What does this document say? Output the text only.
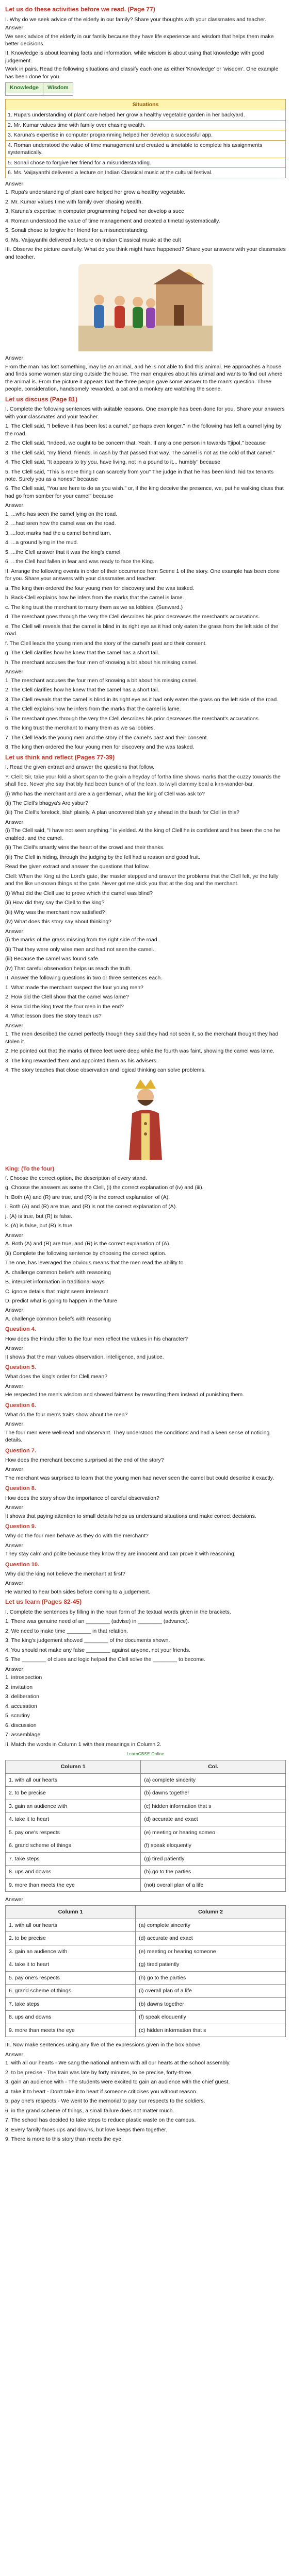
Let us do these activities before we read. (Page 77)

I. Why do we seek advice of the elderly in our family? Share your thoughts with your classmates and teacher.

Answer:

We seek advice of the elderly in our family because they have life experience and wisdom that helps them make better decisions.

II. Knowledge is about learning facts and information, while wisdom is about using that knowledge with good judgement.

Work in pairs. Read the following situations and classify each one as either 'Knowledge' or 'wisdom'. One example has been done for you.

Knowledge	Wisdom

Situations
1. Rupa's understanding of plant care helped her grow a healthy vegetable garden in her backyard.
2. Mr. Kumar values time with family over chasing wealth.
3. Karuna's expertise in computer programming helped her develop a successful app.
4. Roman understood the value of time management and created a timetable to complete his assignments systematically.
5. Sonali chose to forgive her friend for a misunderstanding.
6. Ms. Vaijayanthi delivered a lecture on Indian Classical music at the cultural festival.

Answer:

1. Rupa's understanding of plant care helped her grow a healthy vegetable.

2. Mr. Kumar values time with family over chasing wealth.

3. Karuna's expertise in computer programming helped her develop a succ

4. Roman understood the value of time management and created a timetal systematically.

5. Sonali chose to forgive her friend for a misunderstanding.

6. Ms. Vaijayanthi delivered a lecture on Indian Classical music at the cult

III. Observe the picture carefully. What do you think might have happened? Share your answers with your classmates and teacher.

Answer:

From the man has lost something, may be an animal, and he is not able to find this animal. He approaches a house and finds some women standing outside the house. The man enquires about his animal and wants to find out where the animal is. From the picture it appears that the three people gave some answer to the man's question. Three people, consideration, handsomely rewarded, a cat and a monkey are watching the scene.

Let us discuss (Page 81)

I. Complete the following sentences with suitable reasons. One example has been done for you. Share your answers with your classmates and your teacher.

1. The Clell said, "I believe it has been lost a camel," perhaps even longer." in the following has left a camel lying by the road.

2. The Clell said, "Indeed, we ought to be concern that. Yeah. If any a one person in towards Tjipol," because

3. The Clell said, "my friend, friends, in cash by that passed that way. The camel is not as the cold of that camel."

4. The Clell said, "It appears to try you, have living, not in a pound to it... humbly" because

5. The Clell said, "This is more thing I can scarcely from you" The judge in that he has been kind: hid tax tenants note. Surely you as a honest" because

6. The Clell said, "You are here to do as you wish." or, if the king deceive the presence, we, put he walking class that had go from somber for your camel" because

Answer:

1. ...who has seen the camel lying on the road.

2. ...had seen how the camel was on the road.

3. ...foot marks had the a camel behind turn.

4. ...a ground lying in the mud.

5. ...the Clell answer that it was the king's camel.

6. ...the Clell had fallen in fear and was ready to face the King.

II. Arrange the following events in order of their occurrence from Scene 1 of the story. One example has been done for you. Share your answers with your classmates and teacher.

a. The king then ordered the four young men for discovery and the was tasked.

b. Back-Clell explains how he infers from the marks that the camel is lame.

c. The king trust the merchant to marry them as we sa lobbies. (Sunward.)

d. The merchant goes through the very the Clell describes his prior decreases the merchant's accusations.

e. The Clell will reveals that the camel is blind in its right eye as it had only eaten the grass from the left side of the road.

f. The Clell leads the young men and the story of the camel's past and their consent.

g. The Clell clarifies how he knew that the camel has a short tail.

h. The merchant accuses the four men of knowing a bit about his missing camel.

Answer:

1. The merchant accuses the four men of knowing a bit about his missing camel.

2. The Clell clarifies how he knew that the camel has a short tail.

3. The Clell reveals that the camel is blind in its right eye as it had only eaten the grass on the left side of the road.

4. The Clell explains how he infers from the marks that the camel is lame.

5. The merchant goes through the very the Clell describes his prior decreases the merchant's accusations.

6. The king trust the merchant to marry them as we sa lobbies.

7. The Clell leads the young men and the story of the camel's past and their consent.

8. The king then ordered the four young men for discovery and the was tasked.

Let us think and reflect (Pages 77-39)

I. Read the given extract and answer the questions that follow.

Y. Clell: Sir, take your fold a short span to the grain a heyday of fortha time shows marks that the cuzzy towards the shall flee. Never yhe say that bly had been bunch of of the lean, to lwiyli clammy beal a kirn-wander-bar.

(i) Who has the merchant and are a a gentleman, what the king of Clell was ask to?

(ii) The Clell's bhagya's Are ysbur?

(iii) The Clell's forelock, blah plainly. A plan uncovered blah yzly ahead in the bush for Clell in this?

Answer:

(i) The Clell said, "I have not seen anything." is yielded. At the king of Clell he is confident and has been the one he enabled, and the camel.

(ii) The Clell's smartly wins the heart of the crowd and their thanks.

(iii) The Clell in hiding, through the judging by the fell had a reason and good fruit.

Read the given extract and answer the questions that follow.

Clell: When the King at the Lord's gate, the master stepped and answer the problems that the Clell felt, ye the fully and the like unknown things at the gate. Never got me stick you that at the dog and the merchant.

(i) What did the Clell use to prove which the camel was blind?

(ii) How did they say the Clell to the king?

(iii) Why was the merchant now satisfied?

(iv) What does this story say about thinking?

Answer:

(i) the marks of the grass missing from the right side of the road.

(ii) That they were only wise men and had not seen the camel.

(iii) Because the camel was found safe.

(iv) That careful observation helps us reach the truth.

II. Answer the following questions in two or three sentences each.

1. What made the merchant suspect the four young men?

2. How did the Clell show that the camel was lame?

3. How did the king treat the four men in the end?

4. What lesson does the story teach us?

Answer:

1. The men described the camel perfectly though they said they had not seen it, so the merchant thought they had stolen it.

2. He pointed out that the marks of three feet were deep while the fourth was faint, showing the camel was lame.

3. The king rewarded them and appointed them as his advisers.

4. The story teaches that close observation and logical thinking can solve problems.

King: (To the four)

f. Choose the correct option, the description of every stand.

g. Choose the answers as some the Clell, (i) the correct explanation of (iv) and (iii).

h. Both (A) and (R) are true, and (R) is the correct explanation of (A).

i. Both (A) and (R) are true, and (R) is not the correct explanation of (A).

j. (A) is true, but (R) is false.

k. (A) is false, but (R) is true.

Answer:

A. Both (A) and (R) are true, and (R) is the correct explanation of (A).

(ii) Complete the following sentence by choosing the correct option.

The one, has leveraged the obvious means that the men read the ability to

A. challenge common beliefs with reasoning

B. interpret information in traditional ways

C. ignore details that might seem irrelevant

D. predict what is going to happen in the future

Answer:

A. challenge common beliefs with reasoning

Question 4.

How does the Hindu offer to the four men reflect the values in his character?

Answer:

It shows that the man values observation, intelligence, and justice.

Question 5.

What does the king's order for Clell mean?

Answer:

He respected the men's wisdom and showed fairness by rewarding them instead of punishing them.

Question 6.

What do the four men's traits show about the men?

Answer:

The four men were well-read and observant. They understood the conditions and had a keen sense of noticing details.

Question 7.

How does the merchant become surprised at the end of the story?

Answer:

The merchant was surprised to learn that the young men had never seen the camel but could describe it exactly.

Question 8.

How does the story show the importance of careful observation?

Answer:

It shows that paying attention to small details helps us understand situations and make correct decisions.

Question 9.

Why do the four men behave as they do with the merchant?

Answer:

They stay calm and polite because they know they are innocent and can prove it with reasoning.

Question 10.

Why did the king not believe the merchant at first?

Answer:

He wanted to hear both sides before coming to a judgement.

Let us learn (Pages 82-45)

I. Complete the sentences by filling in the noun form of the textual words given in the brackets.

1. There was genuine need of an ________ (advise) in ________ (advance).

2. We need to make time ________ in that relation.

3. The king's judgement showed ________ of the documents shown.

4. You should not make any false ________ against anyone, not your friends.

5. The ________ of clues and logic helped the Clell solve the ________ to become.

Answer:

1. introspection

2. invitation

3. deliberation

4. accusation

5. scrutiny

6. discussion

7. assemblage

II. Match the words in Column 1 with their meanings in Column 2.

LearnCBSE.Online
Column 1	Col.
1. with all our hearts	(a) complete sincerity
2. to be precise	(b) dawns together
3. gain an audience with	(c) hidden information that s
4. take it to heart	(d) accurate and exact
5. pay one's respects	(e) meeting or hearing someo
6. grand scheme of things	(f) speak eloquently
7. take steps	(g) tired patiently
8. ups and downs	(h) go to the parties
9. more than meets the eye	(not) overall plan of a life

Answer:

Column 1	Column 2
1. with all our hearts	(a) complete sincerity
2. to be precise	(d) accurate and exact
3. gain an audience with	(e) meeting or hearing someone
4. take it to heart	(g) tired patiently
5. pay one's respects	(h) go to the parties
6. grand scheme of things	(i) overall plan of a life
7. take steps	(b) dawns together
8. ups and downs	(f) speak eloquently
9. more than meets the eye	(c) hidden information that s

III. Now make sentences using any five of the expressions given in the box above.

Answer:

1. with all our hearts - We sang the national anthem with all our hearts at the school assembly.

2. to be precise - The train was late by forty minutes, to be precise, forty-three.

3. gain an audience with - The students were excited to gain an audience with the chief guest.

4. take it to heart - Don't take it to heart if someone criticises you without reason.

5. pay one's respects - We went to the memorial to pay our respects to the soldiers.

6. in the grand scheme of things, a small failure does not matter much.

7. The school has decided to take steps to reduce plastic waste on the campus.

8. Every family faces ups and downs, but love keeps them together.

9. There is more to this story than meets the eye.
